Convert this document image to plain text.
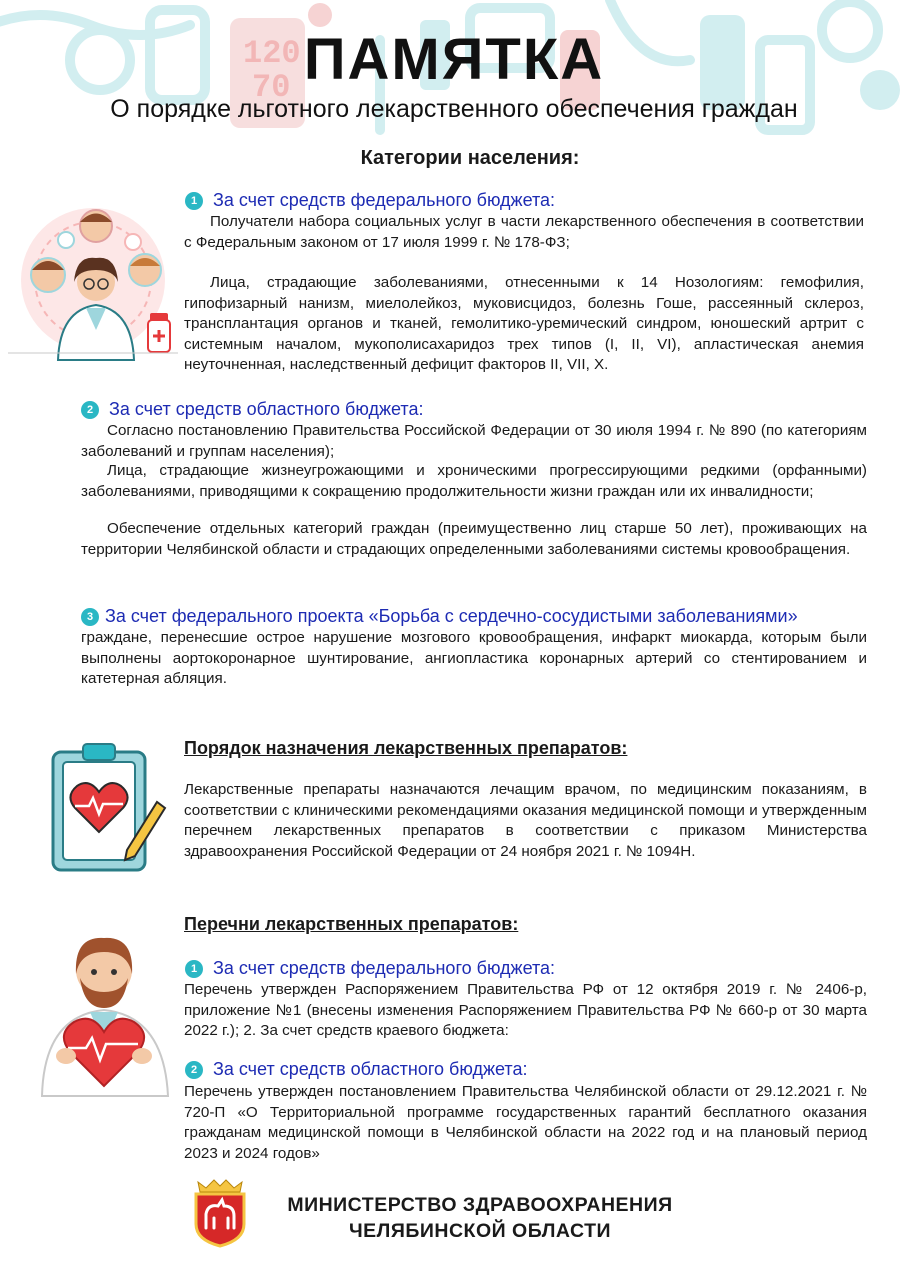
120
70 ПАМЯТКА
О порядке льготного лекарственного обеспечения граждан
Категории населения:
1 За счет средств федерального бюджета:
Получатели набора социальных услуг в части лекарственного обеспечения в соответствии с Федеральным законом от 17 июля 1999 г. № 178-ФЗ;
Лица, страдающие заболеваниями, отнесенными к 14 Нозологиям: гемофилия, гипофизарный нанизм, миелолейкоз, муковисцидоз, болезнь Гоше, рассеянный склероз, трансплантация органов и тканей, гемолитико-уремический синдром, юношеский артрит с системным началом, мукополисахаридоз трех типов (I, II, VI), апластическая анемия неуточненная, наследственный дефицит факторов II, VII, X.
2 За счет средств областного бюджета:
Согласно постановлению Правительства Российской Федерации от 30 июля 1994 г. № 890 (по категориям заболеваний и группам населения);
Лица, страдающие жизнеугрожающими и хроническими прогрессирующими редкими (орфанными) заболеваниями, приводящими к сокращению продолжительности жизни граждан или их инвалидности;
Обеспечение отдельных категорий граждан (преимущественно лиц старше 50 лет), проживающих на территории Челябинской области и страдающих определенными заболеваниями системы кровообращения.
3 За счет федерального проекта «Борьба с сердечно-сосудистыми заболеваниями»
граждане, перенесшие острое нарушение мозгового кровообращения, инфаркт миокарда, которым были выполнены аортокоронарное шунтирование, ангиопластика коронарных артерий со стентированием и катетерная абляция.
Порядок назначения лекарственных препаратов:
Лекарственные препараты назначаются лечащим врачом, по медицинским показаниям, в соответствии с клиническими рекомендациями оказания медицинской помощи и утвержденным перечнем лекарственных препаратов в соответствии с приказом Министерства здравоохранения Российской Федерации от 24 ноября 2021 г. № 1094Н.
Перечни лекарственных препаратов:
1 За счет средств федерального бюджета:
Перечень утвержден Распоряжением Правительства РФ от 12 октября 2019 г. № 2406-р, приложение №1 (внесены изменения Распоряжением Правительства РФ № 660-р от 30 марта 2022 г.); 2. За счет средств краевого бюджета:
2 За счет средств областного бюджета:
Перечень утвержден постановлением Правительства Челябинской области от 29.12.2021 г. № 720-П «О Территориальной программе государственных гарантий бесплатного оказания гражданам медицинской помощи в Челябинской области на 2022 год и на плановый период 2023 и 2024 годов»
МИНИСТЕРСТВО ЗДРАВООХРАНЕНИЯ
ЧЕЛЯБИНСКОЙ ОБЛАСТИ
